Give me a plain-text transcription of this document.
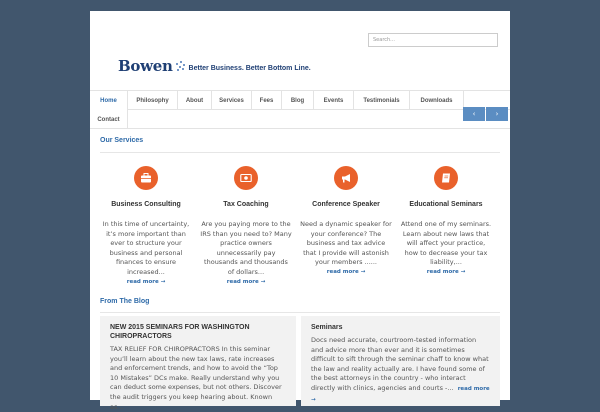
Search...
Bowen Better Business. Better Bottom Line.
Home	Philosophy	About	Services	Fees	Blog	Events	Testimonials	Downloads
Contact
‹	›
Our Services
Business Consulting
In this time of uncertainty, it’s more important than ever to structure your business and personal finances to ensure increased...
read more →
Tax Coaching
Are you paying more to the IRS than you need to? Many practice owners unnecessarily pay thousands and thousands of dollars...
read more →
Conference Speaker
Need a dynamic speaker for your conference? The business and tax advice that I provide will astonish your members ......
read more →
Educational Seminars
Attend one of my seminars. Learn about new laws that will affect your practice, how to decrease your tax liability,...
read more →
From The Blog
NEW 2015 SEMINARS FOR WASHINGTON CHIROPRACTORS
TAX RELIEF FOR CHIROPRACTORS In this seminar you’ll learn about the new tax laws, rate increases and enforcement trends, and how to avoid the “Top 10 Mistakes” DCs make. Really understand why you can deduct some expenses, but not others. Discover the audit triggers you keep hearing about. Known as...
Seminars
Docs need accurate, courtroom-tested information and advice more than ever and it is sometimes difficult to sift through the seminar chaff to know what the law and reality actually are. I have found some of the best attorneys in the country - who interact directly with clinics, agencies and courts -... read more →
